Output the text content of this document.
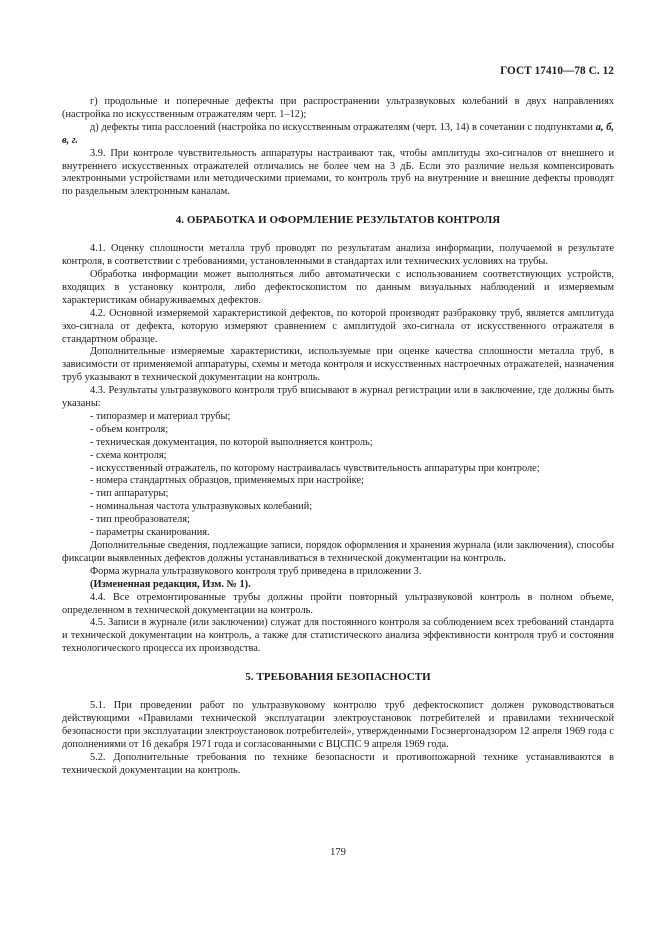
ГОСТ 17410—78 С. 12

г) продольные и поперечные дефекты при распространении ультразвуковых колебаний в двух направлениях (настройка по искусственным отражателям черт. 1–12);

д) дефекты типа расслоений (настройка по искусственным отражателям (черт. 13, 14) в сочетании с подпунктами а, б, в, г.

3.9. При контроле чувствительность аппаратуры настраивают так, чтобы амплитуды эхо-сигналов от внешнего и внутреннего искусственных отражателей отличались не более чем на 3 дБ. Если это различие нельзя компенсировать электронными устройствами или методическими приемами, то контроль труб на внутренние и внешние дефекты проводят по раздельным электронным каналам.

4. ОБРАБОТКА И ОФОРМЛЕНИЕ РЕЗУЛЬТАТОВ КОНТРОЛЯ

4.1. Оценку сплошности металла труб проводят по результатам анализа информации, получаемой в результате контроля, в соответствии с требованиями, установленными в стандартах или технических условиях на трубы.

Обработка информации может выполняться либо автоматически с использованием соответствующих устройств, входящих в установку контроля, либо дефектоскопистом по данным визуальных наблюдений и измеряемым характеристикам обнаруживаемых дефектов.

4.2. Основной измеряемой характеристикой дефектов, по которой производят разбраковку труб, является амплитуда эхо-сигнала от дефекта, которую измеряют сравнением с амплитудой эхо-сигнала от искусственного отражателя в стандартном образце.

Дополнительные измеряемые характеристики, используемые при оценке качества сплошности металла труб, в зависимости от применяемой аппаратуры, схемы и метода контроля и искусственных настроечных отражателей, назначения труб указывают в технической документации на контроль.

4.3. Результаты ультразвукового контроля труб вписывают в журнал регистрации или в заключение, где должны быть указаны:

- типоразмер и материал трубы;

- объем контроля;

- техническая документация, по которой выполняется контроль;

- схема контроля;

- искусственный отражатель, по которому настраивалась чувствительность аппаратуры при контроле;

- номера стандартных образцов, применяемых при настройке;

- тип аппаратуры;

- номинальная частота ультразвуковых колебаний;

- тип преобразователя;

- параметры сканирования.

Дополнительные сведения, подлежащие записи, порядок оформления и хранения журнала (или заключения), способы фиксации выявленных дефектов должны устанавливаться в технической документации на контроль.

Форма журнала ультразвукового контроля труб приведена в приложении 3.

(Измененная редакция, Изм. № 1).

4.4. Все отремонтированные трубы должны пройти повторный ультразвуковой контроль в полном объеме, определенном в технической документации на контроль.

4.5. Записи в журнале (или заключении) служат для постоянного контроля за соблюдением всех требований стандарта и технической документации на контроль, а также для статистического анализа эффективности контроля труб и состояния технологического процесса их производства.

5. ТРЕБОВАНИЯ БЕЗОПАСНОСТИ

5.1. При проведении работ по ультразвуковому контролю труб дефектоскопист должен руководствоваться действующими «Правилами технической эксплуатации электроустановок потребителей и правилами технической безопасности при эксплуатации электроустановок потребителей», утвержденными Госэнергонадзором 12 апреля 1969 года с дополнениями от 16 декабря 1971 года и согласованными с ВЦСПС 9 апреля 1969 года.

5.2. Дополнительные требования по технике безопасности и противопожарной технике устанавливаются в технической документации на контроль.

179
